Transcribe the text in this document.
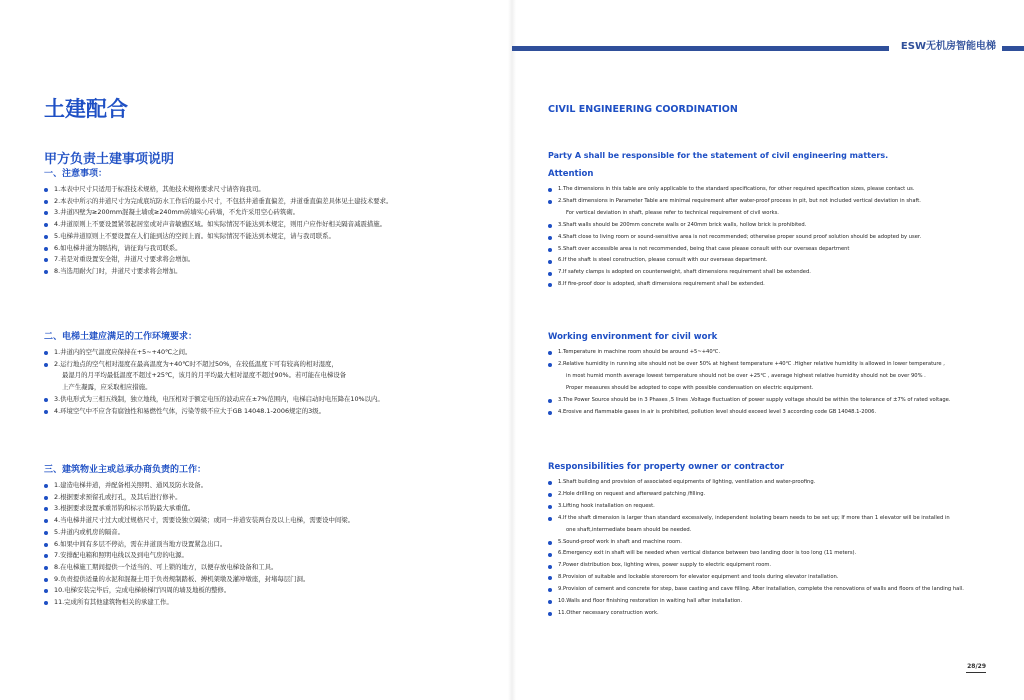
土建配合
甲方负责土建事项说明
一、注意事项：
1.本表中尺寸只适用于标准技术规格，其他技术规格要求尺寸请咨询我司。
2.本表中所示的井道尺寸为完成底坑防水工作后的最小尺寸，不包括井道垂直偏差，并道垂直偏差具体见土建技术要求。
3.井道四壁为≥200mm混凝土墙或≥240mm砖墙实心砖墙，不允许采用空心砖筑砌。
4.井道原则上不要设置紧邻起居室或对声音敏感区域。如实际情况不能达到本规定，则用户应作好相关隔音减震措施。
5.电梯井道原则上不要设置在人们能到达的空间上面。如实际情况不能达到本规定，请与我司联系。
6.如电梯井道为钢结构，请征询与我司联系。
7.若是对重设置安全钳，井道尺寸要求将会增加。
8.当选用耐火门时，井道尺寸要求将会增加。
二、电梯土建应满足的工作环境要求：
1.井道内的空气温度应保持在+5~+40℃之间。
2.运行地点的空气相对湿度在最高温度为+40℃时不超过50%，在较低温度下可有较高的相对湿度，
最湿月的月平均最低温度不超过+25℃，该月的月平均最大相对湿度不超过90%。若可能在电梯设备
上产生凝露，应采取相应措施。
3.供电形式为三相五线制，独立地线，电压相对于额定电压的波动应在±7%范围内，电梯启动时电压降在10%以内。
4.环境空气中不应含有腐蚀性和易燃性气体，污染等级不应大于GB 14048.1-2006规定的3级。
三、建筑物业主或总承办商负责的工作：
1.建造电梯井道，并配备相关照明、通风及防水设备。
2.根据要求预留孔或打孔，及其后进行修补。
3.根据要求设置承重吊钩和标示吊钩最大承重值。
4.当电梯井道尺寸过大或过规格尺寸，需要设独立隔梁；或同一井道安装两台及以上电梯，需要设中间梁。
5.井道内或机房的隔音。
6.如果中间有多层不停站，需在井道顶当地方设置紧急出口。
7.安排配电箱和照明电线以及到电气房的电源。
8.在电梯施工期间提供一个适当的、可上锁的地方，以便存放电梯设备和工具。
9.负责提供适量的水泥和混凝土用于负责规制踏板、搏机架墩及灌冲墩座，封堵每层门洞。
10.电梯安装完毕后，完成电梯候梯厅四周的墙及地板的整修。
11.完成所有其他建筑物相关的承建工作。
ESW无机房智能电梯
CIVIL ENGINEERING COORDINATION
Party A shall be responsible for the statement of civil engineering matters.
Attention
1.The dimensions in this table are only applicable to the standard specifications, for other required specification sizes, please contact us.
2.Shaft dimensions in Parameter Table are minimal requirement after water-proof process in pit, but not included vertical deviation in shaft.
For vertical deviation in shaft, please refer to technical requirement of civil works.
3.Shaft walls should be 200mm concrete walls or 240mm brick walls, hollow brick is prohibited.
4.Shaft close to living room or sound-sensitive area is not recommended; otherwise proper sound proof solution should be adopted by user.
5.Shaft over accessible area is not recommended, being that case please consult with our overseas department
6.If the shaft is steel construction, please consult with our overseas department.
7.If safety clamps is adopted on counterweight, shaft dimensions requirement shall be extended.
8.If fire-proof door is adopted, shaft dimensions requirement shall be extended.
Working environment for civil work
1.Temperature in machine room should be around +5~+40℃.
2.Relative humidity in running site should not be over 50% at highest temperature +40℃ .Higher relative humidity is allowed in lower temperature ,
in most humid month average lowest temperature should not be over +25℃ , average highest relative humidity should not be over 90% .
Proper measures should be adopted to cope with possible condensation on electric equipment.
3.The Power Source should be in 3 Phases ,5 lines .Voltage fluctuation of power supply voltage should be within the tolerance of ±7% of rated voltage.
4.Erosive and flammable gases in air is prohibited, pollution level should exceed level 3 according code GB 14048.1-2006.
Responsibilities for property owner or contractor
1.Shaft building and provision of associated equipments of lighting, ventilation and water-proofing.
2.Hole drilling on request and afterward patching /filling.
3.Lifting hook installation on request.
4.If the shaft dimension is larger than standard excessively, independent isolating beam needs to be set up; If more than 1 elevator will be installed in
one shaft,intermediate beam should be needed.
5.Sound-proof work in shaft and machine room.
6.Emergency exit in shaft will be needed when vertical distance between two landing door is too long (11 meters).
7.Power distribution box, lighting wires, power supply to electric equipment room.
8.Provision of suitable and lockable storeroom for elevator equipment and tools during elevator installation.
9.Provision of cement and concrete for step, base casting and cave filling. After installation, complete the renovations of walls and floors of the landing hall.
10.Walls and floor finishing restoration in waiting hall after installation.
11.Other necessary construction work.
28/29
